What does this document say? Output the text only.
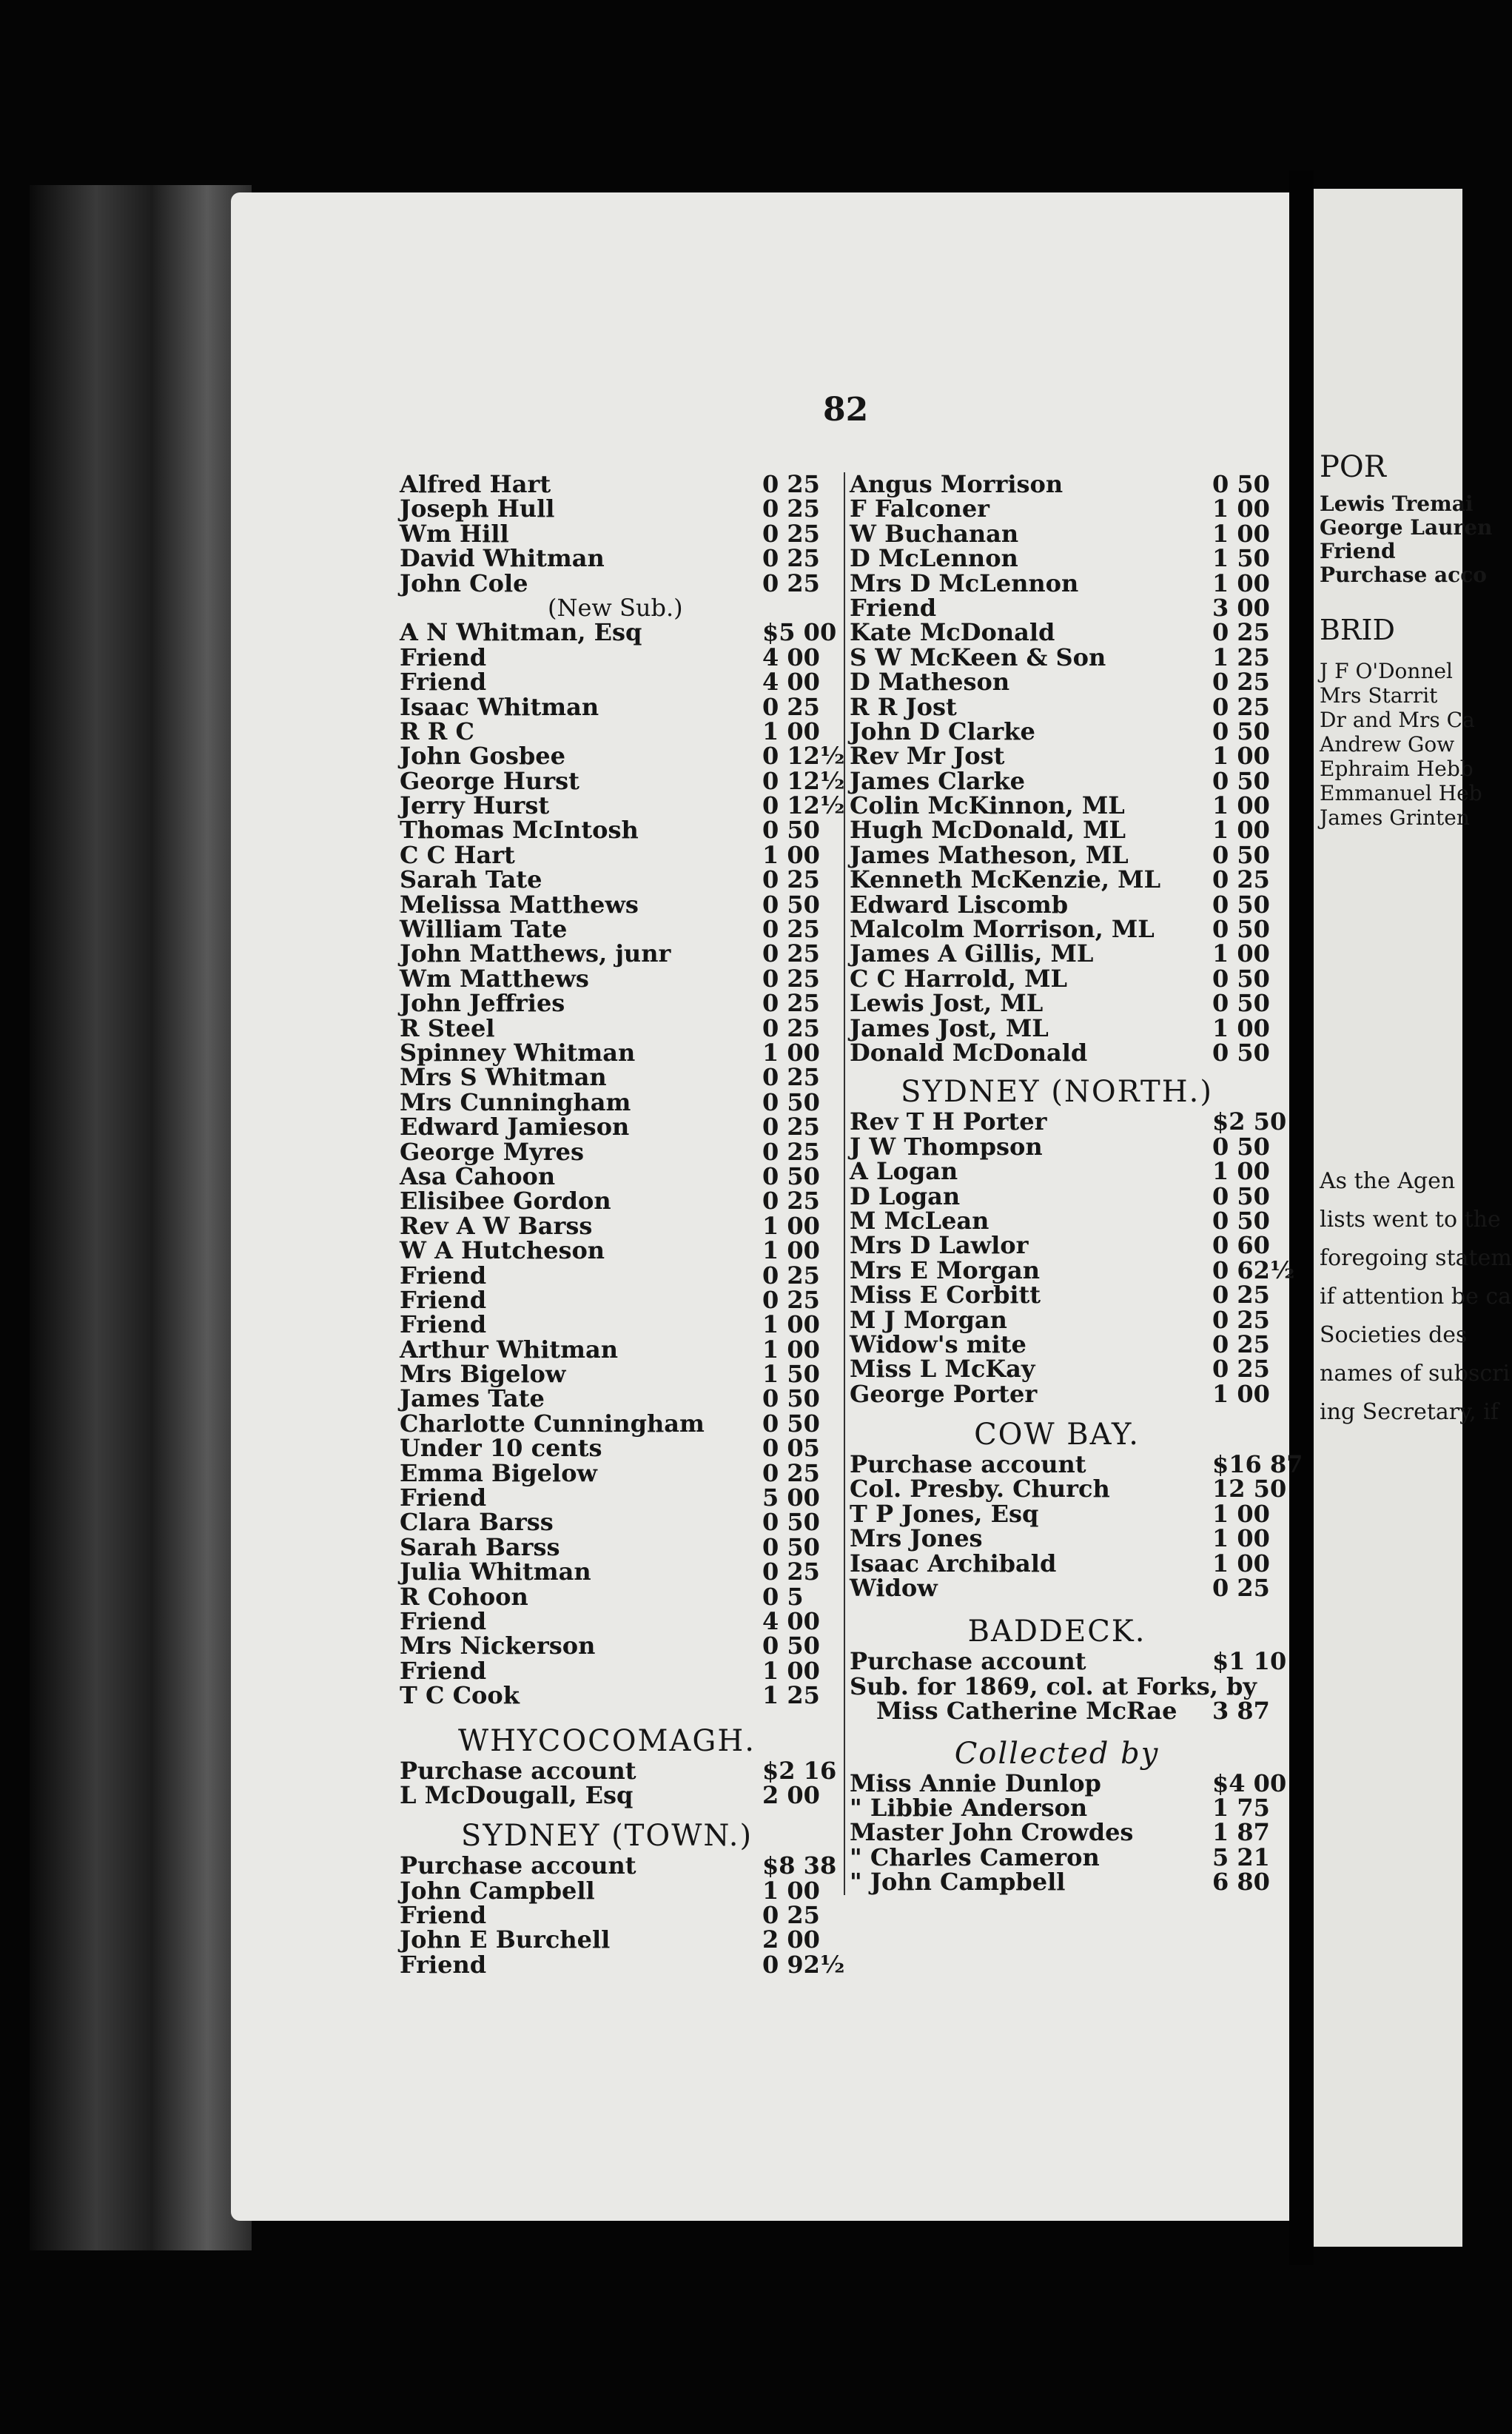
POR
Lewis Tremai
George Lauren
Friend
Purchase acco
BRID
J F O'Donnel
Mrs Starrit
Dr and Mrs Ca
Andrew Gow
Ephraim Hebb
Emmanuel Heb
James Grinten
As the Agen
lists went to the
foregoing statem
if attention be ca
Societies des
names of subscri
ing Secretary, if
82
Alfred Hart	0 25
Joseph Hull	0 25
Wm Hill	0 25
David Whitman	0 25
John Cole	0 25
(New Sub.)
A N Whitman, Esq	$5 00
Friend	4 00
Friend	4 00
Isaac Whitman	0 25
R R C	1 00
John Gosbee	0 12½
George Hurst	0 12½
Jerry Hurst	0 12½
Thomas McIntosh	0 50
C C Hart	1 00
Sarah Tate	0 25
Melissa Matthews	0 50
William Tate	0 25
John Matthews, junr	0 25
Wm Matthews	0 25
John Jeffries	0 25
R Steel	0 25
Spinney Whitman	1 00
Mrs S Whitman	0 25
Mrs Cunningham	0 50
Edward Jamieson	0 25
George Myres	0 25
Asa Cahoon	0 50
Elisibee Gordon	0 25
Rev A W Barss	1 00
W A Hutcheson	1 00
Friend	0 25
Friend	0 25
Friend	1 00
Arthur Whitman	1 00
Mrs Bigelow	1 50
James Tate	0 50
Charlotte Cunningham 0 50
Under 10 cents	0 05
Emma Bigelow	0 25
Friend	5 00
Clara Barss	0 50
Sarah Barss	0 50
Julia Whitman	0 25
R Cohoon	0 5
Friend	4 00
Mrs Nickerson	0 50
Friend	1 00
T C Cook	1 25
WHYCOCOMAGH.
Purchase account	$2 16
L McDougall, Esq	2 00
SYDNEY (TOWN.)
Purchase account	$8 38
John Campbell	1 00
Friend	0 25
John E Burchell	2 00
Friend	0 92½
Angus Morrison	0 50
F Falconer	1 00
W Buchanan	1 00
D McLennon	1 50
Mrs D McLennon	1 00
Friend	3 00
Kate McDonald	0 25
S W McKeen & Son	1 25
D Matheson	0 25
R R Jost	0 25
John D Clarke	0 50
Rev Mr Jost	1 00
James Clarke	0 50
Colin McKinnon, ML	1 00
Hugh McDonald, ML	1 00
James Matheson, ML	0 50
Kenneth McKenzie, ML 0 25
Edward Liscomb	0 50
Malcolm Morrison, ML 0 50
James A Gillis, ML	1 00
C C Harrold, ML	0 50
Lewis Jost, ML	0 50
James Jost, ML	1 00
Donald McDonald	0 50
SYDNEY (NORTH.)
Rev T H Porter	$2 50
J W Thompson	0 50
A Logan	1 00
D Logan	0 50
M McLean	0 50
Mrs D Lawlor	0 60
Mrs E Morgan	0 62½
Miss E Corbitt	0 25
M J Morgan	0 25
Widow's mite	0 25
Miss L McKay	0 25
George Porter	1 00
COW BAY.
Purchase account	$16 87
Col. Presby. Church	12 50
T P Jones, Esq	1 00
Mrs Jones	1 00
Isaac Archibald	1 00
Widow	0 25
BADDECK.
Purchase account	$1 10
Sub. for 1869, col. at Forks, by
Miss Catherine McRae 3 87
Collected by
Miss Annie Dunlop	$4 00
" Libbie Anderson	1 75
Master John Crowdes	1 87
" Charles Cameron	5 21
" John Campbell	6 80
